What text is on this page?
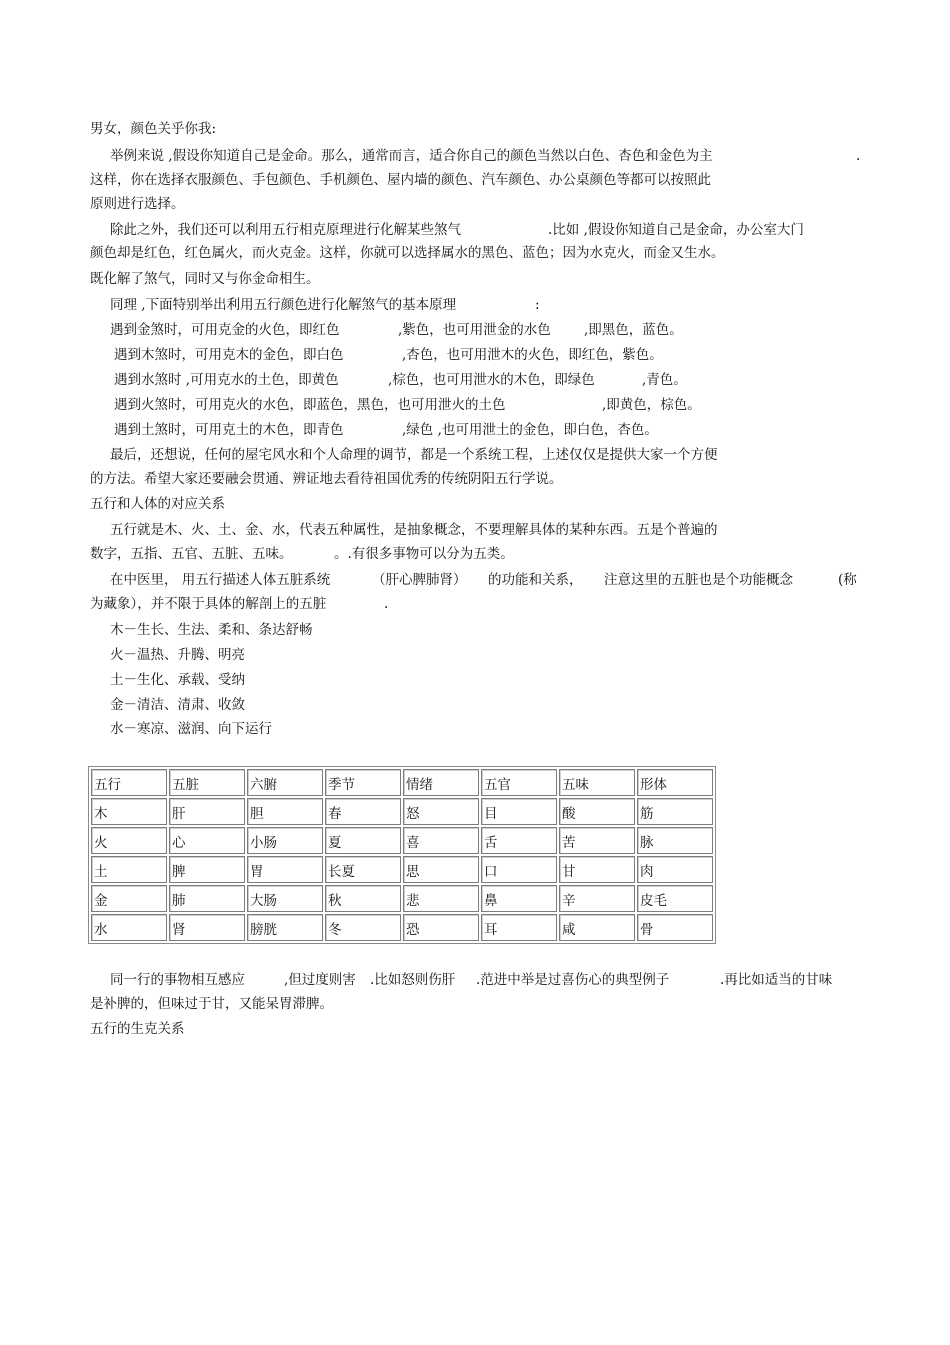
男女，颜色关乎你我:
举例来说 ,假设你知道自己是金命。那么，通常而言，适合你自己的颜色当然以白色、杏色和金色为主	.
这样，你在选择衣服颜色、手包颜色、手机颜色、屋内墙的颜色、汽车颜色、办公桌颜色等都可以按照此
原则进行选择。
除此之外，我们还可以利用五行相克原理进行化解某些煞气	.比如 ,假设你知道自己是金命，办公室大门
颜色却是红色，红色属火，而火克金。这样，你就可以选择属水的黑色、蓝色；因为水克火，而金又生水。
既化解了煞气，同时又与你金命相生。
同理 ,下面特别举出利用五行颜色进行化解煞气的基本原理	:
遇到金煞时，可用克金的火色，即红色	,紫色，也可用泄金的水色 ,即黑色，蓝色。
遇到木煞时，可用克木的金色，即白色	,杏色，也可用泄木的火色，即红色，紫色。
遇到水煞时 ,可用克水的土色，即黄色	,棕色，也可用泄水的木色，即绿色	,青色。
遇到火煞时，可用克火的水色，即蓝色，黑色，也可用泄火的土色	,即黄色，棕色。
遇到土煞时，可用克土的木色，即青色	,绿色 ,也可用泄土的金色，即白色，杏色。
最后，还想说，任何的屋宅风水和个人命理的调节，都是一个系统工程，上述仅仅是提供大家一个方便
的方法。希望大家还要融会贯通、辨证地去看待祖国优秀的传统阴阳五行学说。
五行和人体的对应关系
五行就是木、火、土、金、水，代表五种属性，是抽象概念，不要理解具体的某种东西。五是个普遍的
数字，五指、五官、五脏、五味。	。.有很多事物可以分为五类。
在中医里， 用五行描述人体五脏系统	（肝心脾肺肾） 的功能和关系， 注意这里的五脏也是个功能概念	(称
为藏象），并不限于具体的解剖上的五脏	.
木－生长、生法、柔和、条达舒畅
火－温热、升腾、明亮
土－生化、承载、受纳
金－清洁、清肃、收敛
水－寒凉、滋润、向下运行
五行	五脏	六腑	季节	情绪	五官	五味	形体
木	肝	胆	春	怒	目	酸	筋
火	心	小肠	夏	喜	舌	苦	脉
土	脾	胃	长夏	思	口	甘	肉
金	肺	大肠	秋	悲	鼻	辛	皮毛
水	肾	膀胱	冬	恐	耳	咸	骨
同一行的事物相互感应	,但过度则害 .比如怒则伤肝 .范进中举是过喜伤心的典型例子	.再比如适当的甘味
是补脾的，但味过于甘，又能呆胃滞脾。
五行的生克关系
